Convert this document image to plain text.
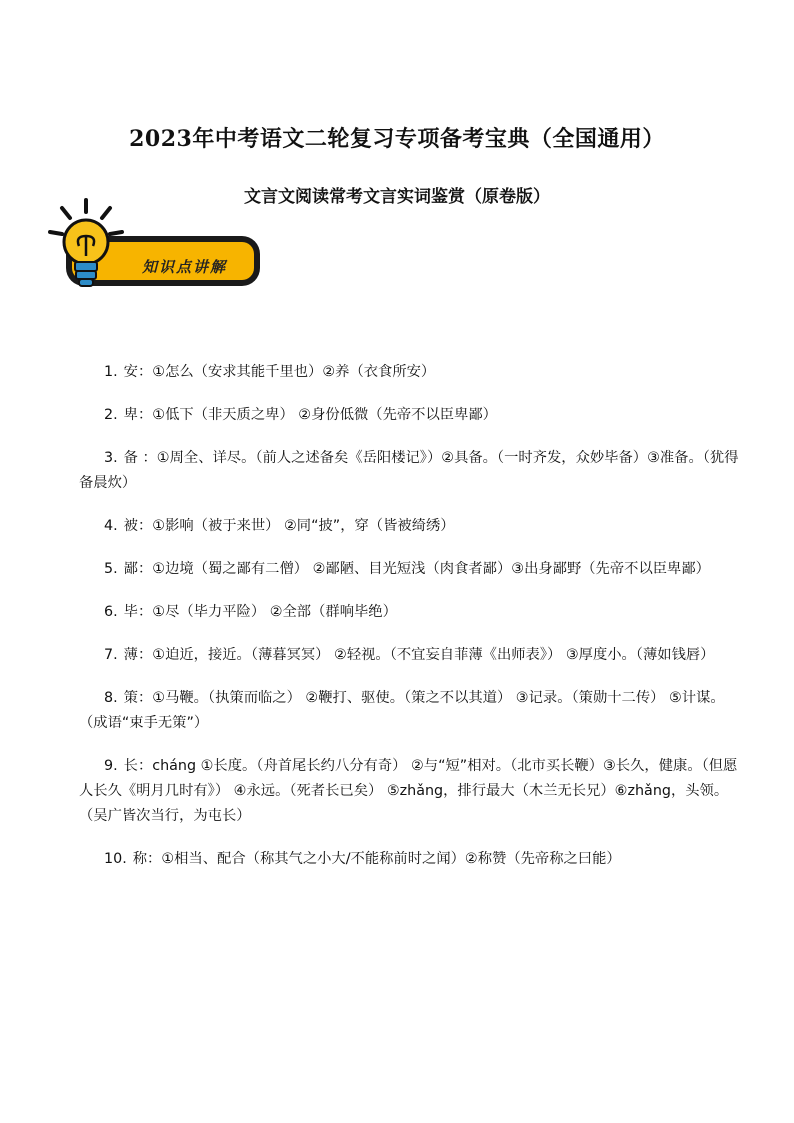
2023年中考语文二轮复习专项备考宝典（全国通用）
文言文阅读常考文言实词鉴赏（原卷版）
知识点讲解
1. 安：①怎么（安求其能千里也）②养（衣食所安）
2. 卑：①低下（非天质之卑） ②身份低微（先帝不以臣卑鄙）
3. 备 ：①周全、详尽。（前人之述备矣《岳阳楼记》）②具备。（一时齐发，众妙毕备）③准备。（犹得备晨炊）
4. 被：①影响（被于来世） ②同“披”，穿（皆被绮绣）
5. 鄙：①边境（蜀之鄙有二僧） ②鄙陋、目光短浅（肉食者鄙）③出身鄙野（先帝不以臣卑鄙）
6. 毕：①尽（毕力平险） ②全部（群响毕绝）
7. 薄：①迫近，接近。（薄暮冥冥） ②轻视。（不宜妄自菲薄《出师表》） ③厚度小。（薄如钱唇）
8. 策：①马鞭。（执策而临之） ②鞭打、驱使。（策之不以其道） ③记录。（策勋十二传） ⑤计谋。（成语“束手无策”）
9. 长：cháng ①长度。（舟首尾长约八分有奇） ②与“短”相对。（北市买长鞭）③长久，健康。（但愿人长久《明月几时有》） ④永远。（死者长已矣） ⑤zhǎng，排行最大（木兰无长兄）⑥zhǎng，头领。（吴广皆次当行，为屯长）
10. 称：①相当、配合（称其气之小大/不能称前时之闻）②称赞（先帝称之曰能）
